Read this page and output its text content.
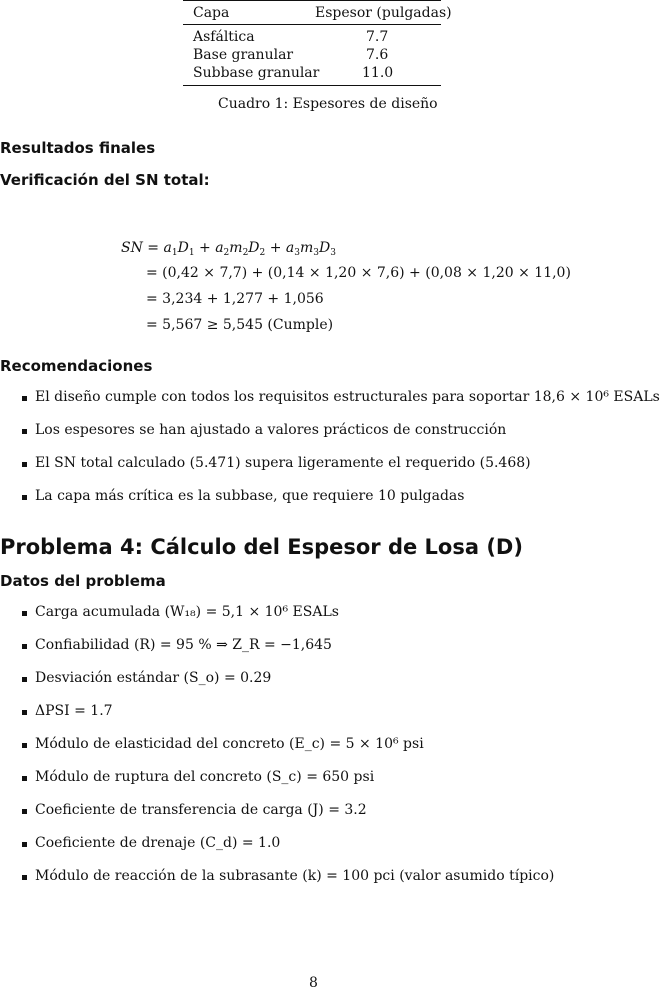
Capa	Espesor (pulgadas)
Asfáltica	7.7
Base granular	7.6
Subbase granular	11.0
Cuadro 1: Espesores de diseño
Resultados finales
Verificación del SN total:
SN = $a_1D_1 + a_2m_2D_2 + a_3m_3D_3$
= (0,42 × 7,7) + (0,14 × 1,20 × 7,6) + (0,08 × 1,20 × 11,0)
= 3,234 + 1,277 + 1,056
= 5,567 ≥ 5,545 (Cumple)
Recomendaciones
El diseño cumple con todos los requisitos estructurales para soportar 18,6 × 10⁶ ESALs
Los espesores se han ajustado a valores prácticos de construcción
El SN total calculado (5.471) supera ligeramente el requerido (5.468)
La capa más crítica es la subbase, que requiere 10 pulgadas
Problema 4: Cálculo del Espesor de Losa (D)
Datos del problema
Carga acumulada (W₁₈) = 5,1 × 10⁶ ESALs
Confiabilidad (R) = 95 % ⇒ Z_R = −1,645
Desviación estándar (S_o) = 0.29
ΔPSI = 1.7
Módulo de elasticidad del concreto (E_c) = 5 × 10⁶ psi
Módulo de ruptura del concreto (S_c) = 650 psi
Coeficiente de transferencia de carga (J) = 3.2
Coeficiente de drenaje (C_d) = 1.0
Módulo de reacción de la subrasante (k) = 100 pci (valor asumido típico)
8
